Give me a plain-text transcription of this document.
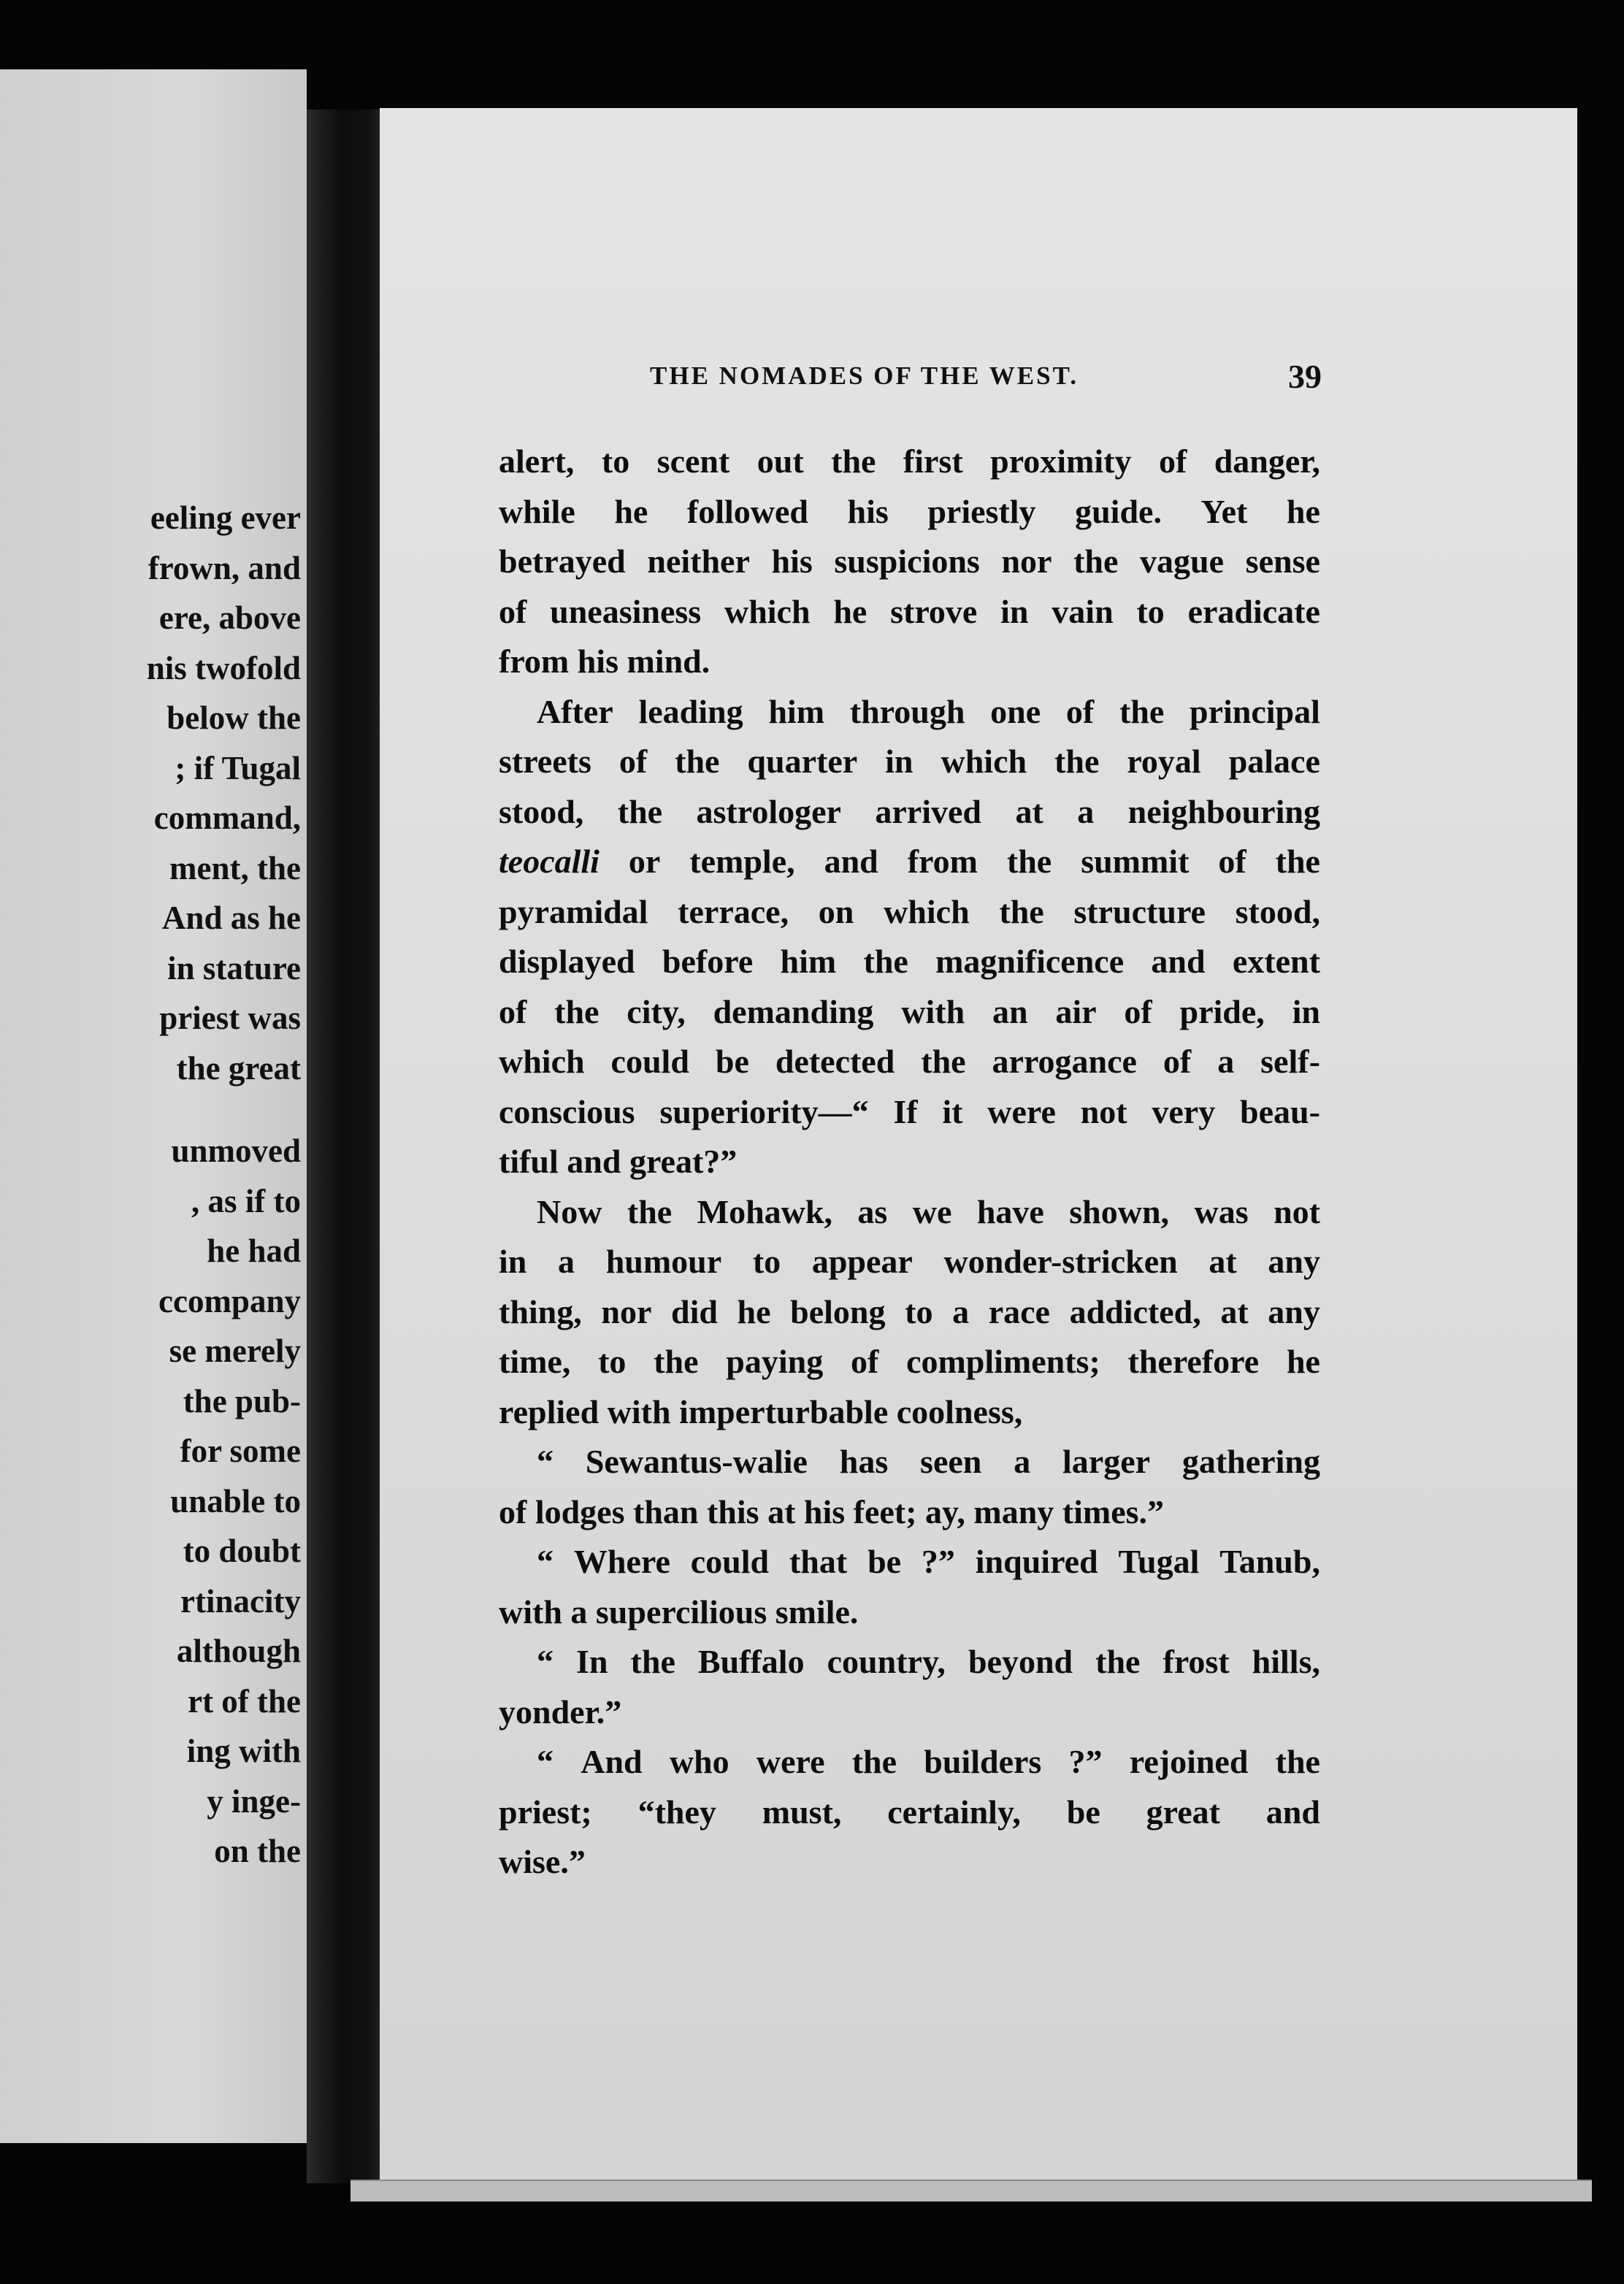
eeling ever
frown, and
ere, above
nis twofold
below the
; if Tugal
command,
ment, the
And as he
in stature
priest was
the great
unmoved
, as if to
he had
ccompany
se merely
the pub-
for some
unable to
to doubt
rtinacity
although
rt of the
ing with
y inge-
on the
THE NOMADES OF THE WEST.	39
alert, to scent out the first proximity of danger,
while he followed his priestly guide. Yet he
betrayed neither his suspicions nor the vague sense
of uneasiness which he strove in vain to eradicate
from his mind.
After leading him through one of the principal
streets of the quarter in which the royal palace
stood, the astrologer arrived at a neighbouring
teocalli or temple, and from the summit of the
pyramidal terrace, on which the structure stood,
displayed before him the magnificence and extent
of the city, demanding with an air of pride, in
which could be detected the arrogance of a self-
conscious superiority—“ If it were not very beau-
tiful and great?”
Now the Mohawk, as we have shown, was not
in a humour to appear wonder-stricken at any
thing, nor did he belong to a race addicted, at any
time, to the paying of compliments; therefore he
replied with imperturbable coolness,
“ Sewantus-walie has seen a larger gathering
of lodges than this at his feet; ay, many times.”
“ Where could that be ?” inquired Tugal Tanub,
with a supercilious smile.
“ In the Buffalo country, beyond the frost hills,
yonder.”
“ And who were the builders ?” rejoined the
priest; “they must, certainly, be great and
wise.”
